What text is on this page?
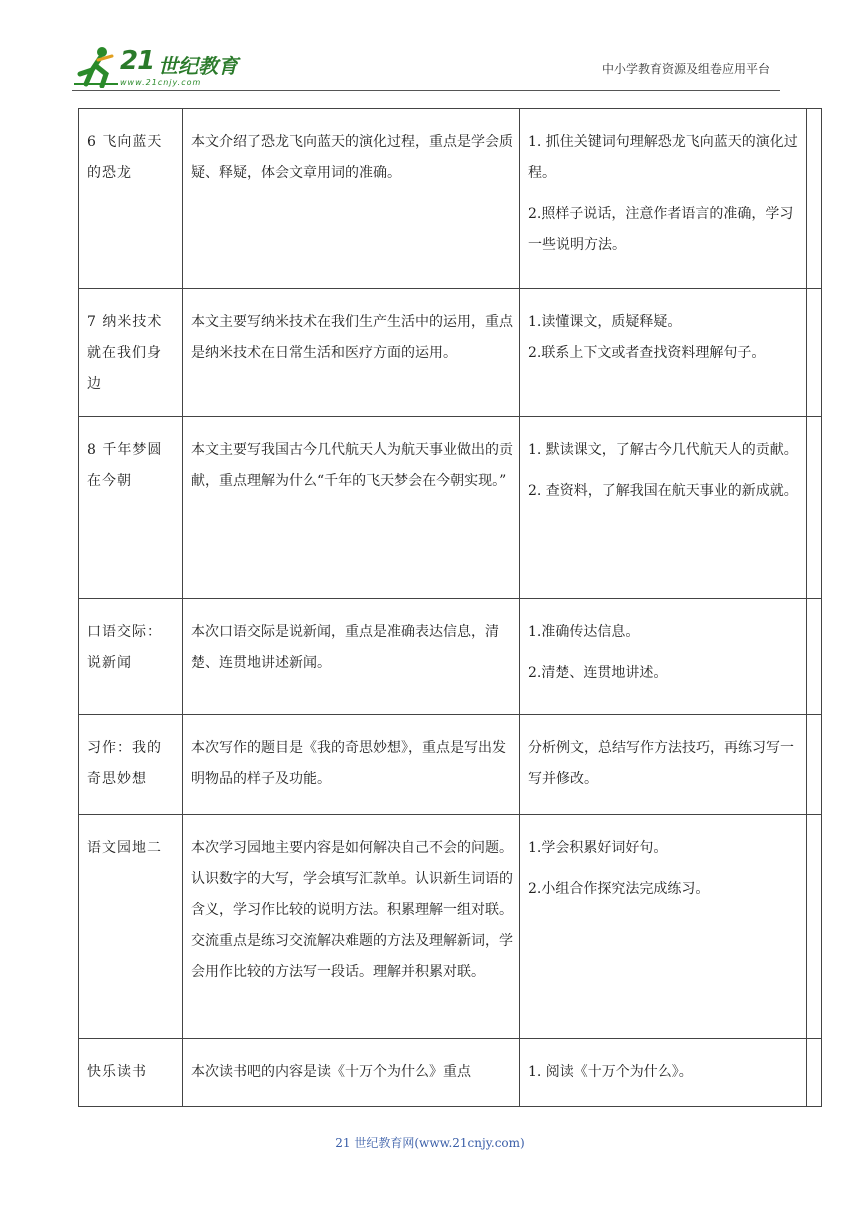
21 世纪教育
www.21cnjy.com
中小学教育资源及组卷应用平台
6 飞向蓝天的恐龙	本文介绍了恐龙飞向蓝天的演化过程，重点是学会质疑、释疑，体会文章用词的准确。	1. 抓住关键词句理解恐龙飞向蓝天的演化过程。

2.照样子说话，注意作者语言的准确，学习一些说明方法。	

7 纳米技术就在我们身边	本文主要写纳米技术在我们生产生活中的运用，重点是纳米技术在日常生活和医疗方面的运用。	1.读懂课文，质疑释疑。

2.联系上下文或者查找资料理解句子。	

8 千年梦圆在今朝	本文主要写我国古今几代航天人为航天事业做出的贡献，重点理解为什么“千年的飞天梦会在今朝实现。”	1. 默读课文，了解古今几代航天人的贡献。

2. 查资料，了解我国在航天事业的新成就。	

口语交际：说新闻	本次口语交际是说新闻，重点是准确表达信息，清楚、连贯地讲述新闻。	1.准确传达信息。

2.清楚、连贯地讲述。	

习作：我的奇思妙想	本次写作的题目是《我的奇思妙想》，重点是写出发明物品的样子及功能。	分析例文，总结写作方法技巧，再练习写一写并修改。	

语文园地二	本次学习园地主要内容是如何解决自己不会的问题。认识数字的大写，学会填写汇款单。认识新生词语的含义，学习作比较的说明方法。积累理解一组对联。交流重点是练习交流解决难题的方法及理解新词，学会用作比较的方法写一段话。理解并积累对联。	1.学会积累好词好句。

2.小组合作探究法完成练习。	

快乐读书	本次读书吧的内容是读《十万个为什么》重点	1. 阅读《十万个为什么》。	

21 世纪教育网(www.21cnjy.com)
